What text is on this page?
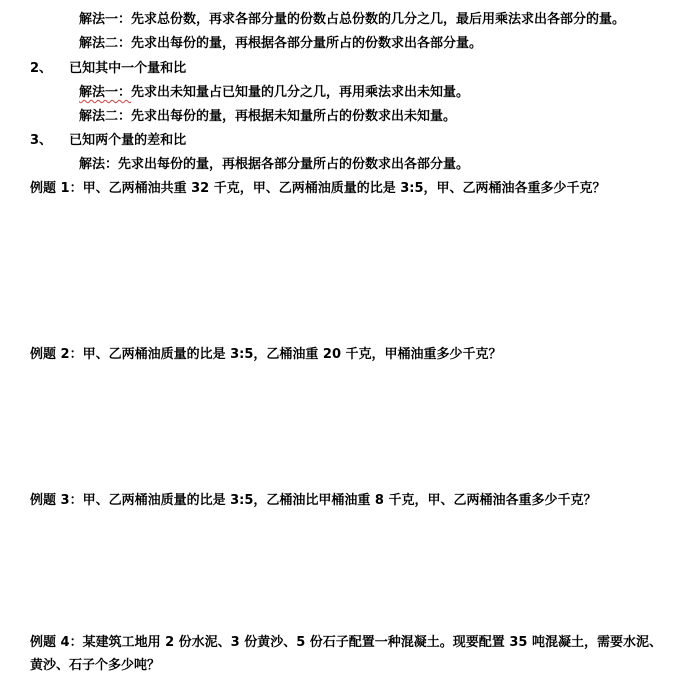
解法一：先求总份数，再求各部分量的份数占总份数的几分之几，最后用乘法求出各部分的量。
解法二：先求出每份的量，再根据各部分量所占的份数求出各部分量。
2、 已知其中一个量和比
解法一：先求出未知量占已知量的几分之几，再用乘法求出未知量。
解法二：先求出每份的量，再根据未知量所占的份数求出未知量。
3、 已知两个量的差和比
解法：先求出每份的量，再根据各部分量所占的份数求出各部分量。
例题 1：甲、乙两桶油共重 32 千克，甲、乙两桶油质量的比是 3:5，甲、乙两桶油各重多少千克？
例题 2：甲、乙两桶油质量的比是 3:5，乙桶油重 20 千克，甲桶油重多少千克？
例题 3：甲、乙两桶油质量的比是 3:5，乙桶油比甲桶油重 8 千克，甲、乙两桶油各重多少千克？
例题 4：某建筑工地用 2 份水泥、3 份黄沙、5 份石子配置一种混凝土。现要配置 35 吨混凝土，需要水泥、
黄沙、石子个多少吨？
